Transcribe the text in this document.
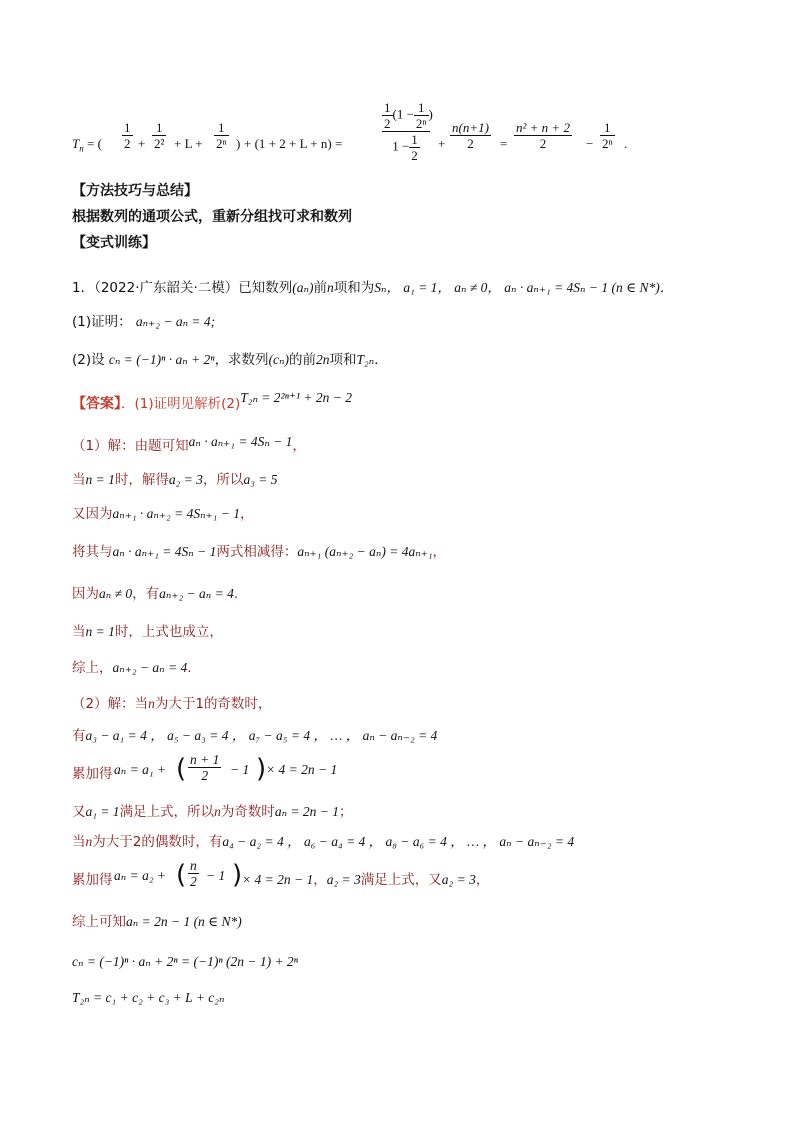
$T_n$ = ( $\frac{1}{2} + \frac{1}{\text{2²}} + L + \frac{1}{\text{2ⁿ}}$ ) + (1 + 2 + L + n) =
$\frac{1}{2} (1 - \frac{1}{\text{2ⁿ}}$ )
$1 - \frac{1}{2} + \frac{n(n+1)}{2} = \frac{\text{n² + n + 2}}{2} - \frac{1}{\text{2ⁿ}}$ .
【方法技巧与总结】
根据数列的通项公式，重新分组找可求和数列
【变式训练】
1．（2022·广东韶关·二模）已知数列(aₙ)前n项和为Sₙ， a₁ = 1， aₙ ≠ 0， aₙ · aₙ₊₁ = 4Sₙ − 1 (n ∈ N*)．
(1)证明： aₙ₊₂ − aₙ = 4;
(2)设 cₙ = (−1)ⁿ · aₙ + 2ⁿ，求数列(cₙ)的前2n项和T₂ₙ．
【答案】．(1)证明见解析(2)T₂ₙ = 2²ⁿ⁺¹ + 2n − 2
（1）解：由题可知aₙ · aₙ₊₁ = 4Sₙ − 1，
当n = 1时，解得a₂ = 3，所以a₃ = 5
又因为aₙ₊₁ · aₙ₊₂ = 4Sₙ₊₁ − 1，
将其与aₙ · aₙ₊₁ = 4Sₙ − 1两式相减得：aₙ₊₁ (aₙ₊₂ − aₙ) = 4aₙ₊₁，
因为aₙ ≠ 0，有aₙ₊₂ − aₙ = 4.
当n = 1时，上式也成立，
综上，aₙ₊₂ − aₙ = 4.
（2）解：当n为大于1的奇数时，
有a₃ − a₁ = 4 ， a₅ − a₃ = 4 ， a₇ − a₅ = 4 ， … ， aₙ − aₙ₋₂ = 4
累加得 aₙ = a₁ + ( $\frac{n + 1}{2} - 1$ ) × 4 = 2n − 1
又a₁ = 1满足上式，所以n为奇数时aₙ = 2n − 1；
当n为大于2的偶数时，有a₄ − a₂ = 4 ， a₆ − a₄ = 4 ， a₈ − a₆ = 4 ， … ， aₙ − aₙ₋₂ = 4
累加得 aₙ = a₂ + ( $\frac{n}{2} - 1$ ) × 4 = 2n − 1，a₂ = 3满足上式，又a₂ = 3，
综上可知aₙ = 2n − 1 (n ∈ N*)
cₙ = (−1)ⁿ · aₙ + 2ⁿ = (−1)ⁿ (2n − 1) + 2ⁿ
T₂ₙ = c₁ + c₂ + c₃ + L + c₂ₙ
